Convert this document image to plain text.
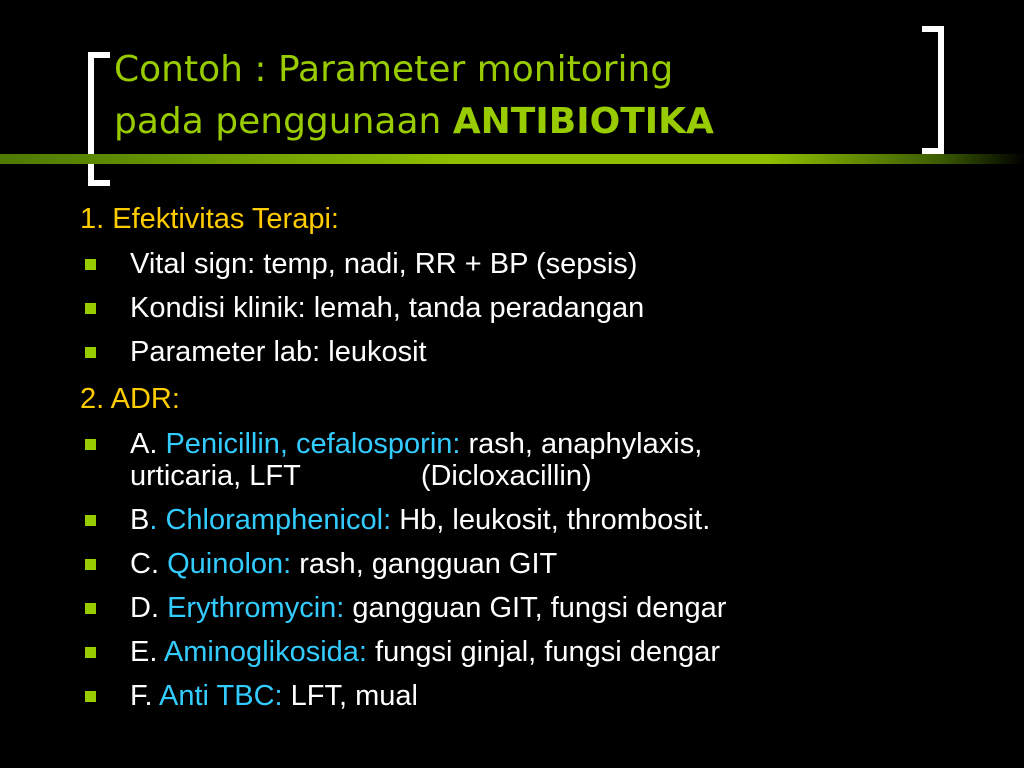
Contoh : Parameter monitoring
pada penggunaan ANTIBIOTIKA

1. Efektivitas Terapi:

Vital sign: temp, nadi, RR + BP (sepsis)
Kondisi klinik: lemah, tanda peradangan
Parameter lab: leukosit

2. ADR:

A. Penicillin, cefalosporin: rash, anaphylaxis,
urticaria, LFT	(Dicloxacillin)
B. Chloramphenicol: Hb, leukosit, thrombosit.
C. Quinolon: rash, gangguan GIT
D. Erythromycin: gangguan GIT, fungsi dengar
E. Aminoglikosida: fungsi ginjal, fungsi dengar
F. Anti TBC: LFT, mual
